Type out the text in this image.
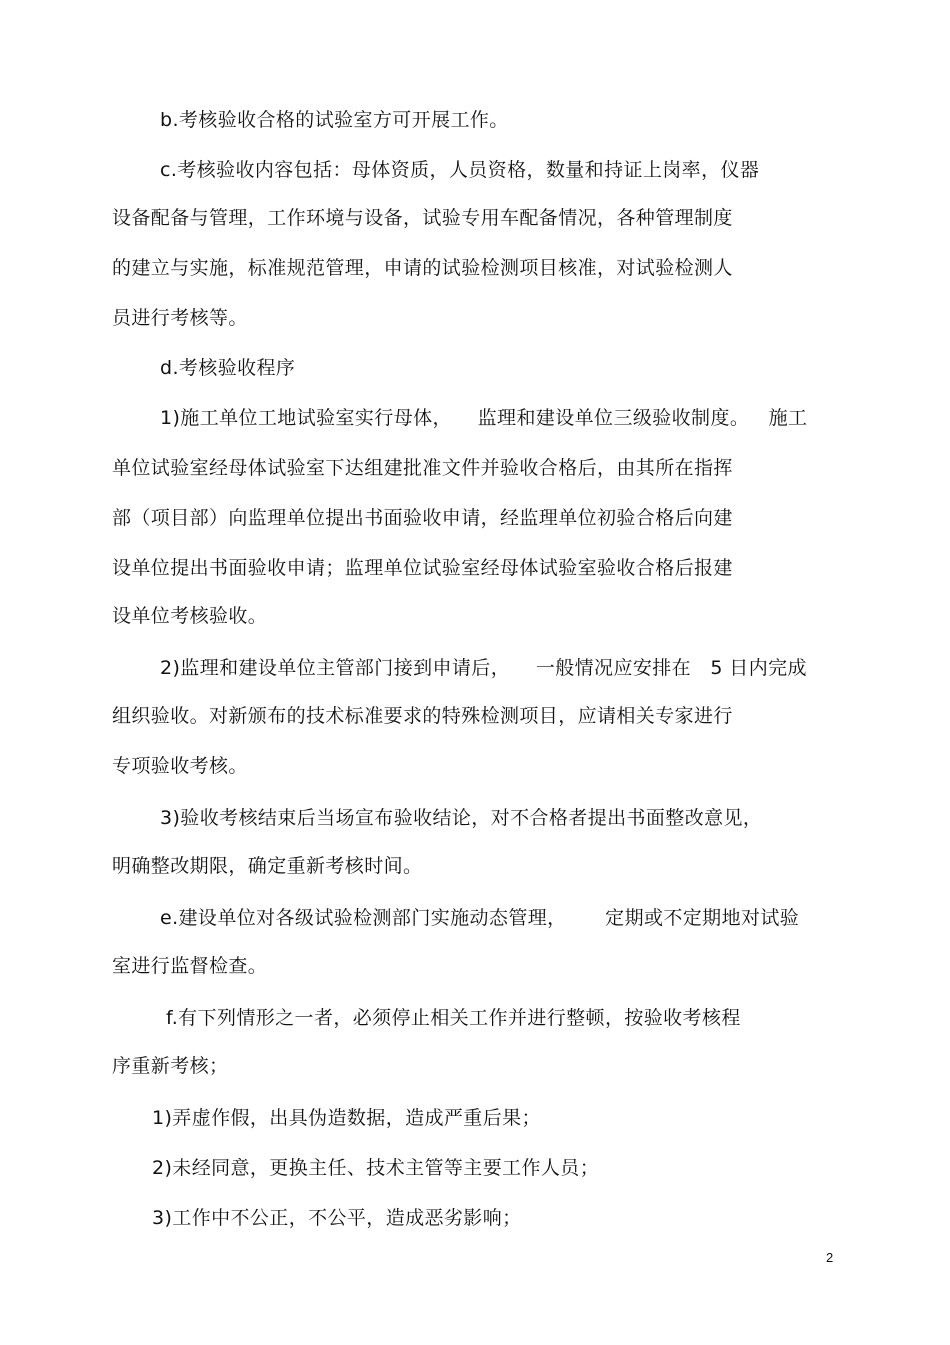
b.考核验收合格的试验室方可开展工作。
c.考核验收内容包括：母体资质，人员资格，数量和持证上岗率，仪器
设备配备与管理，工作环境与设备，试验专用车配备情况，各种管理制度
的建立与实施，标准规范管理，申请的试验检测项目核准，对试验检测人
员进行考核等。
d.考核验收程序
1)施工单位工地试验室实行母体，    监理和建设单位三级验收制度。   施工
单位试验室经母体试验室下达组建批准文件并验收合格后，由其所在指挥
部（项目部）向监理单位提出书面验收申请，经监理单位初验合格后向建
设单位提出书面验收申请；监理单位试验室经母体试验室验收合格后报建
设单位考核验收。
2)监理和建设单位主管部门接到申请后，    一般情况应安排在   5 日内完成
组织验收。对新颁布的技术标准要求的特殊检测项目，应请相关专家进行
专项验收考核。
3)验收考核结束后当场宣布验收结论，对不合格者提出书面整改意见，
明确整改期限，确定重新考核时间。
e.建设单位对各级试验检测部门实施动态管理，      定期或不定期地对试验
室进行监督检查。
f.有下列情形之一者，必须停止相关工作并进行整顿，按验收考核程
序重新考核；
1)弄虚作假，出具伪造数据，造成严重后果；
2)未经同意，更换主任、技术主管等主要工作人员；
3)工作中不公正，不公平，造成恶劣影响；
2
